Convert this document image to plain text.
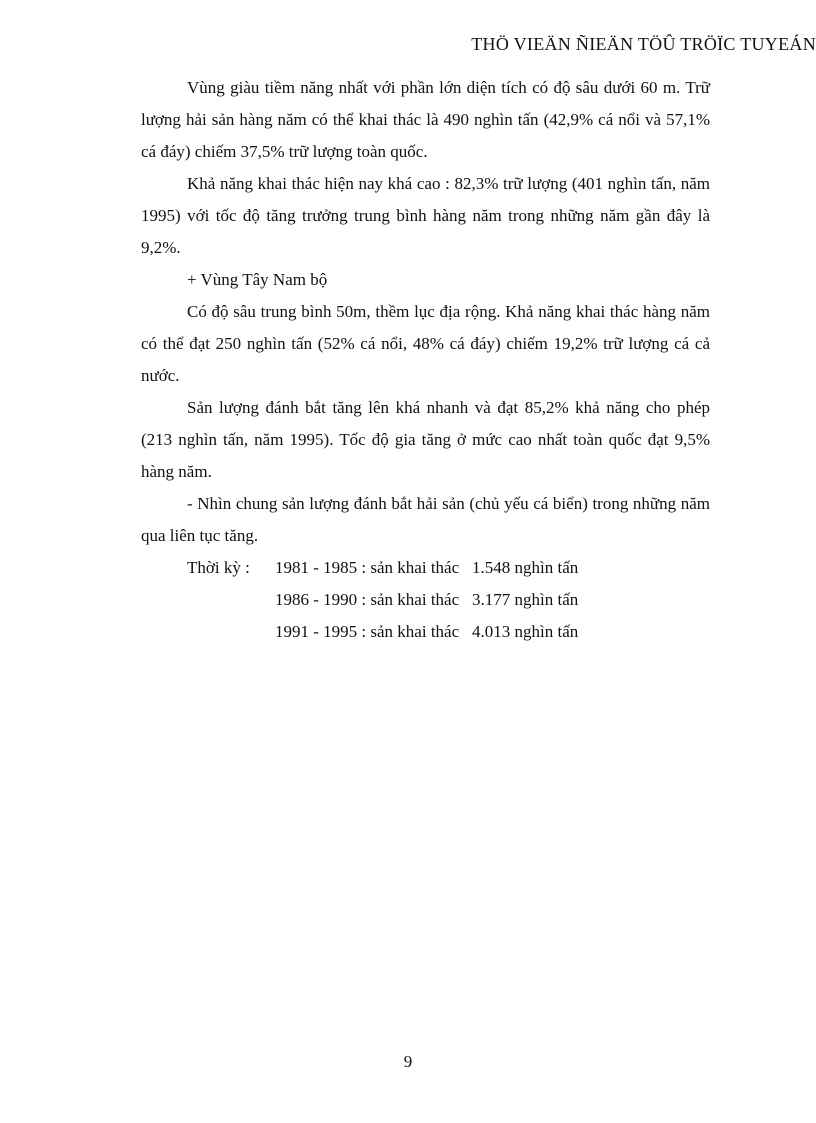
THÖ VIEÄN ÑIEÄN TÖÛ TRÖÏC TUYEÁN

Vùng giàu tiềm năng nhất với phần lớn diện tích có độ sâu dưới 60 m. Trữ lượng hải sản hàng năm có thể khai thác là 490 nghìn tấn (42,9% cá nổi và 57,1% cá đáy) chiếm 37,5% trữ lượng toàn quốc.

Khả năng khai thác hiện nay khá cao : 82,3% trữ lượng (401 nghìn tấn, năm 1995) với tốc độ tăng trưởng trung bình hàng năm trong những năm gần đây là 9,2%.

+ Vùng Tây Nam bộ

Có độ sâu trung bình 50m, thềm lục địa rộng. Khả năng khai thác hàng năm có thể đạt 250 nghìn tấn (52% cá nổi, 48% cá đáy) chiếm 19,2% trữ lượng cá cả nước.

Sản lượng đánh bắt tăng lên khá nhanh và đạt 85,2% khả năng cho phép (213 nghìn tấn, năm 1995). Tốc độ gia tăng ở mức cao nhất toàn quốc đạt 9,5% hàng năm.

- Nhìn chung sản lượng đánh bắt hải sản (chủ yếu cá biển) trong những năm qua liên tục tăng.

Thời kỳ :	1981 - 1985 : sản khai thác 1.548 nghìn tấn
1986 - 1990 : sản khai thác 3.177 nghìn tấn
1991 - 1995 : sản khai thác 4.013 nghìn tấn
9
